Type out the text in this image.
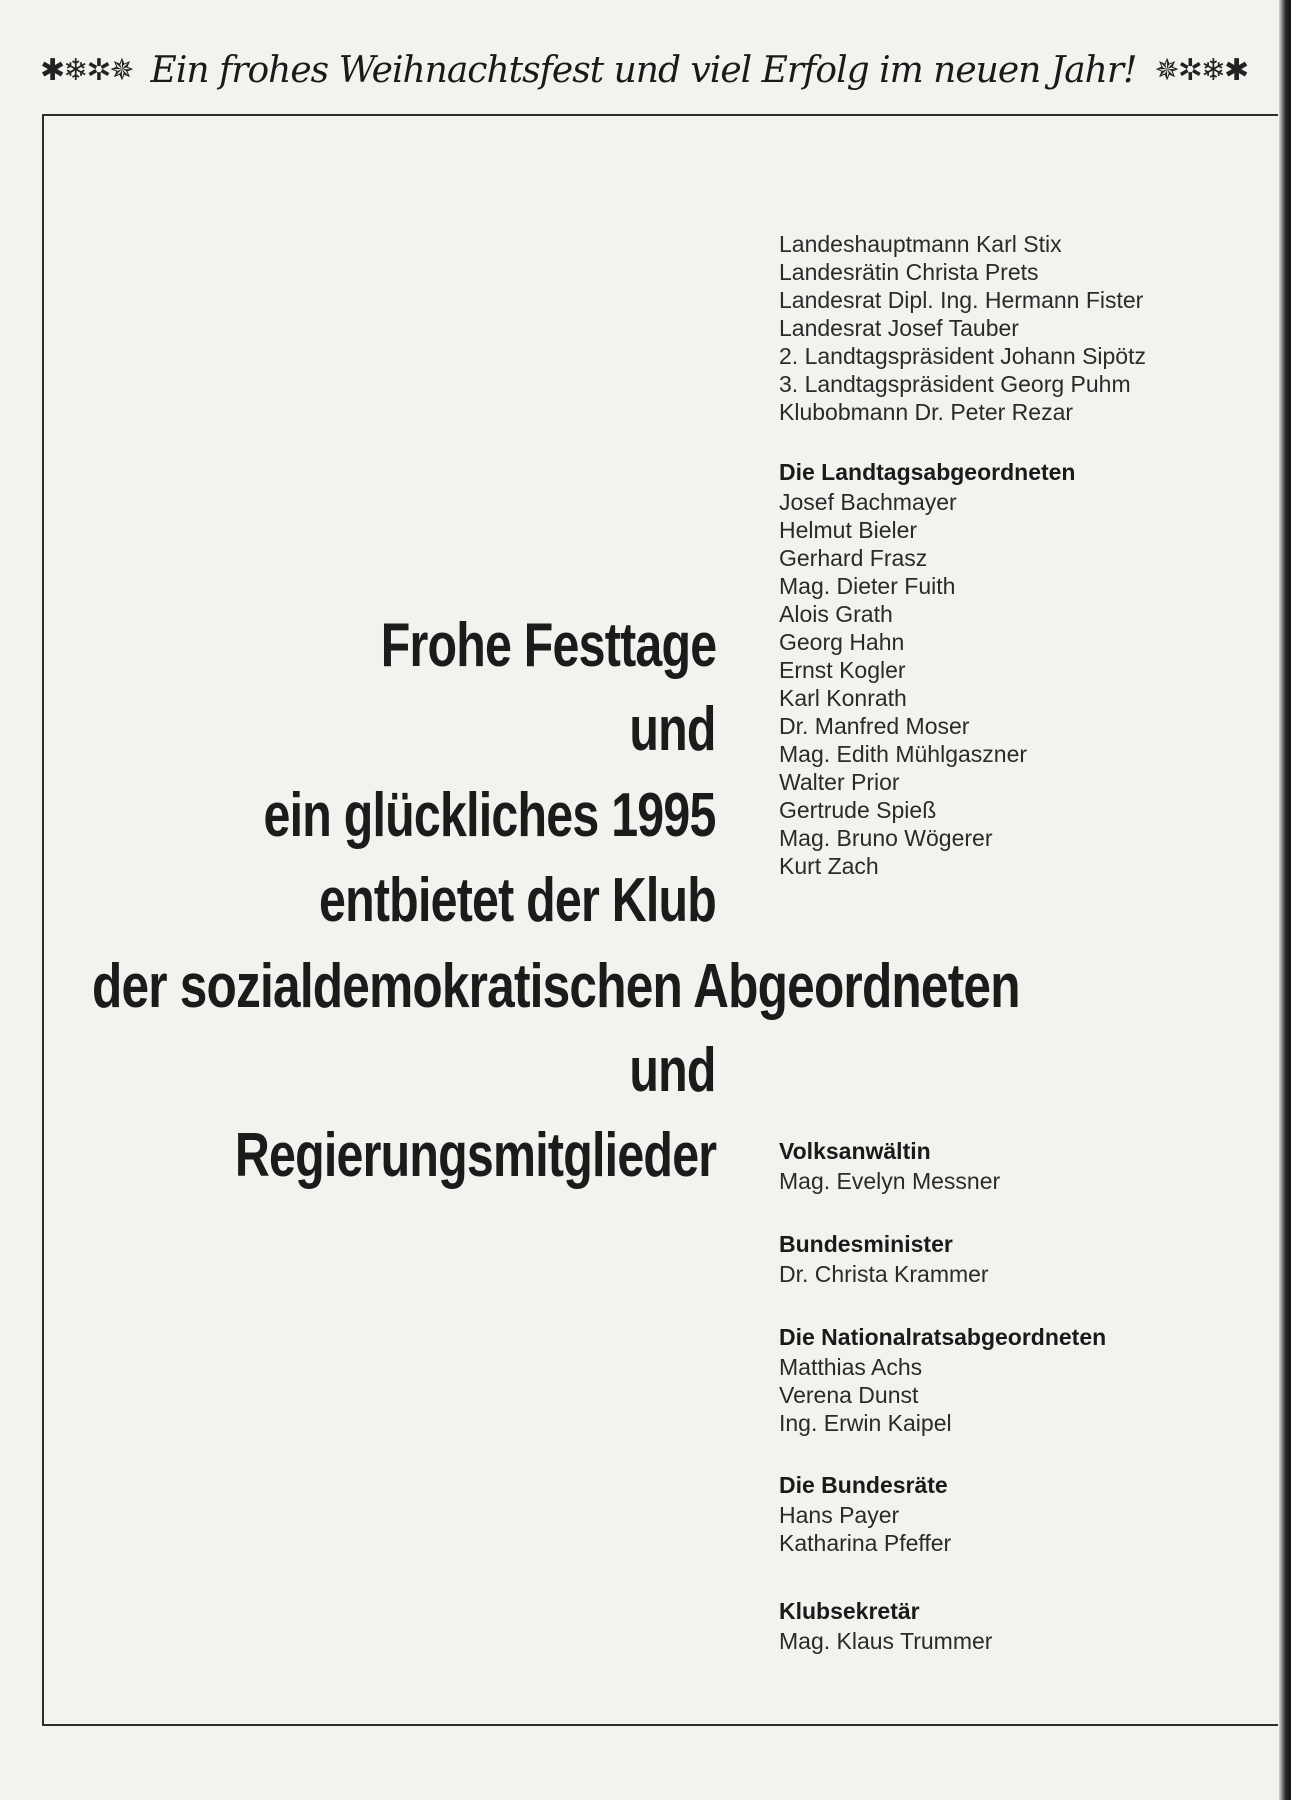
✱❄✲✵ Ein frohes Weihnachtsfest und viel Erfolg im neuen Jahr! ✵✲❄✱
Landeshauptmann Karl Stix
Landesrätin Christa Prets
Landesrat Dipl. Ing. Hermann Fister
Landesrat Josef Tauber
2. Landtagspräsident Johann Sipötz
3. Landtagspräsident Georg Puhm
Klubobmann Dr. Peter Rezar
Die Landtagsabgeordneten
Josef Bachmayer
Helmut Bieler
Gerhard Frasz
Mag. Dieter Fuith
Alois Grath
Georg Hahn
Ernst Kogler
Karl Konrath
Dr. Manfred Moser
Mag. Edith Mühlgaszner
Walter Prior
Gertrude Spieß
Mag. Bruno Wögerer
Kurt Zach
Frohe Festtage
und
ein glückliches 1995
entbietet der Klub
der sozialdemokratischen Abgeordneten
und
Regierungsmitglieder	Volksanwältin
Mag. Evelyn Messner
Bundesminister
Dr. Christa Krammer
Die Nationalratsabgeordneten
Matthias Achs
Verena Dunst
Ing. Erwin Kaipel
Die Bundesräte
Hans Payer
Katharina Pfeffer
Klubsekretär
Mag. Klaus Trummer
